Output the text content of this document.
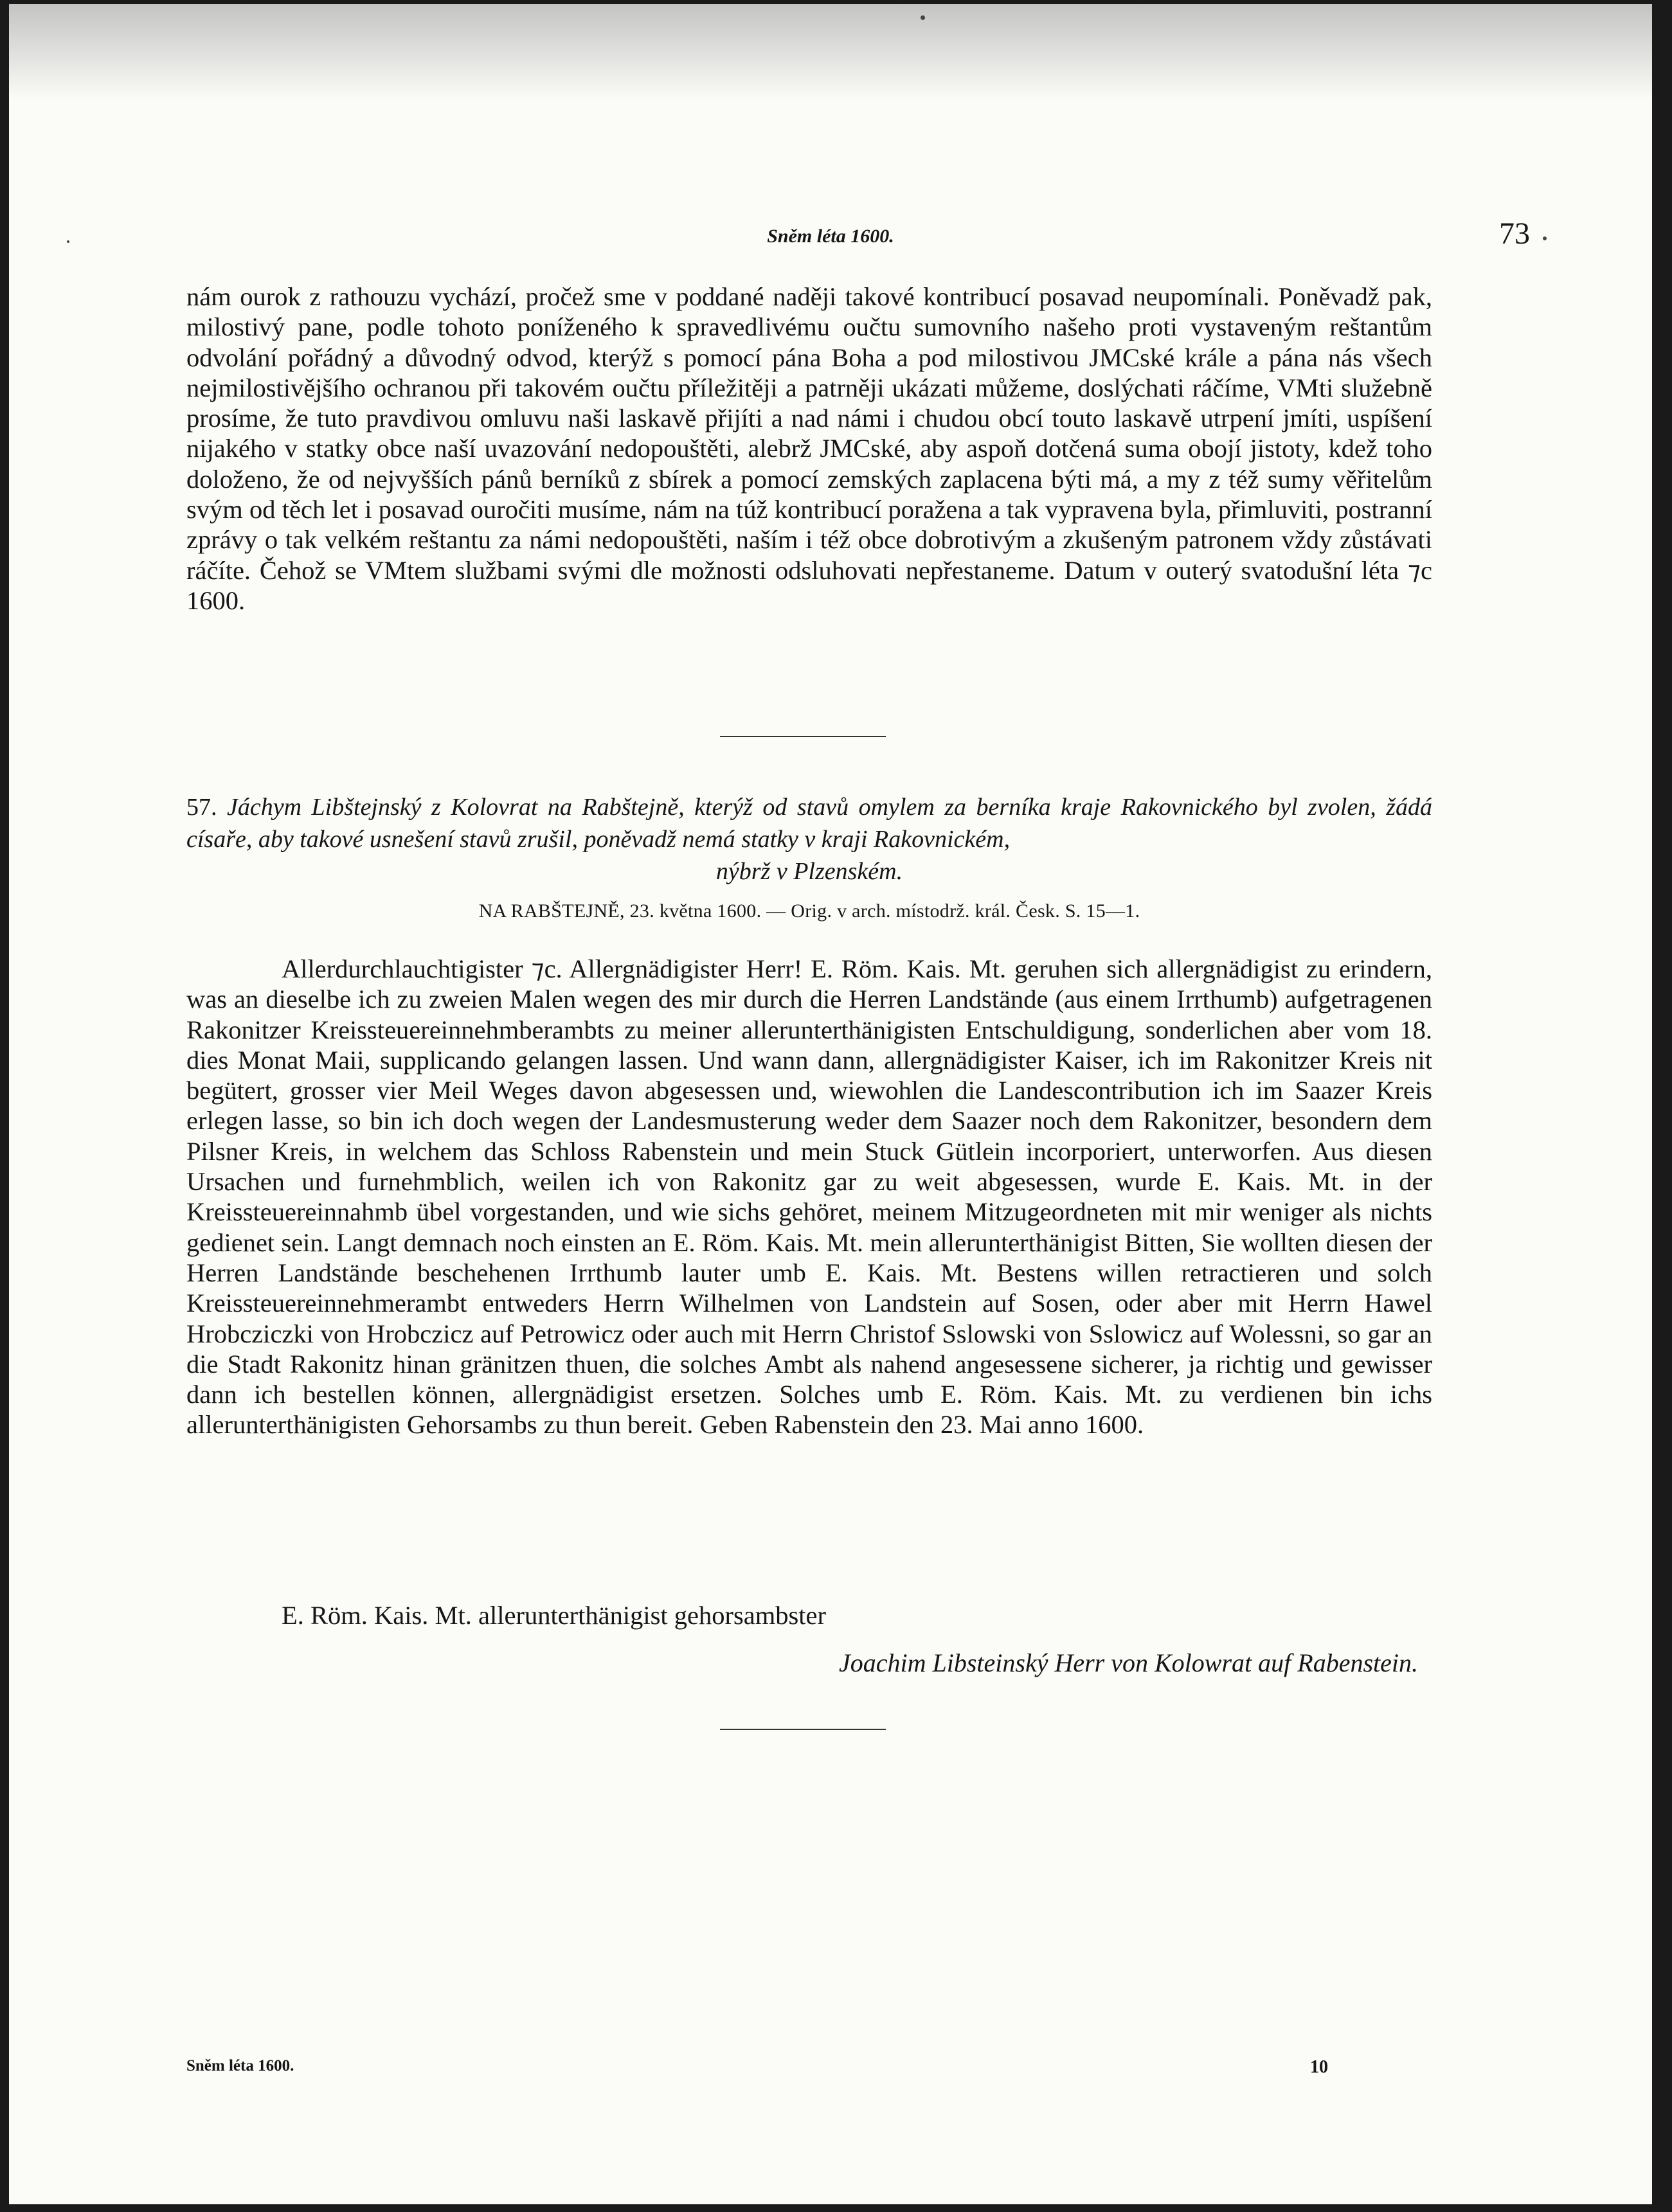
Sněm léta 1600.	73
nám ourok z rathouzu vychází, pročež sme v poddané naději takové kontribucí posavad neupomínali. Poněvadž pak, milostivý pane, podle tohoto poníženého k spravedlivému oučtu sumovního našeho proti vystaveným reštantům odvolání pořádný a důvodný odvod, kterýž s pomocí pána Boha a pod milostivou JMCské krále a pána nás všech nejmilostivějšího ochranou při takovém oučtu příležitěji a patrněji ukázati můžeme, doslýchati ráčíme, VMti služebně prosíme, že tuto pravdivou omluvu naši laskavě přijíti a nad námi i chudou obcí touto laskavě utrpení jmíti, uspíšení nijakého v statky obce naší uvazování nedopouštěti, alebrž JMCské, aby aspoň dotčená suma obojí jistoty, kdež toho doloženo, že od nejvyšších pánů berníků z sbírek a pomocí zemských zaplacena býti má, a my z též sumy věřitelům svým od těch let i posavad ouročiti musíme, nám na túž kontribucí poražena a tak vypravena byla, přimluviti, postranní zprávy o tak velkém reštantu za námi nedopouštěti, naším i též obce dobrotivým a zkušeným patronem vždy zůstávati ráčíte. Čehož se VMtem službami svými dle možnosti odsluhovati nepřestaneme. Datum v outerý svatodušní léta ⁊c 1600.
57. Jáchym Libštejnský z Kolovrat na Rabštejně, kterýž od stavů omylem za berníka kraje Rakovnického byl zvolen, žádá císaře, aby takové usnešení stavů zrušil, poněvadž nemá statky v kraji Rakovnickém,
nýbrž v Plzenském.
NA RABŠTEJNĚ, 23. května 1600. — Orig. v arch. místodrž. král. Česk. S. 15—1.
Allerdurchlauchtigister ⁊c. Allergnädigister Herr! E. Röm. Kais. Mt. geruhen sich allergnädigist zu erindern, was an dieselbe ich zu zweien Malen wegen des mir durch die Herren Landstände (aus einem Irrthumb) aufgetragenen Rakonitzer Kreissteuereinnehmberambts zu meiner allerunterthänigisten Entschuldigung, sonderlichen aber vom 18. dies Monat Maii, supplicando gelangen lassen. Und wann dann, allergnädigister Kaiser, ich im Rakonitzer Kreis nit begütert, grosser vier Meil Weges davon abgesessen und, wiewohlen die Landescontribution ich im Saazer Kreis erlegen lasse, so bin ich doch wegen der Landesmusterung weder dem Saazer noch dem Rakonitzer, besondern dem Pilsner Kreis, in welchem das Schloss Rabenstein und mein Stuck Gütlein incorporiert, unterworfen. Aus diesen Ursachen und furnehmblich, weilen ich von Rakonitz gar zu weit abgesessen, wurde E. Kais. Mt. in der Kreissteuereinnahmb übel vorgestanden, und wie sichs gehöret, meinem Mitzugeordneten mit mir weniger als nichts gedienet sein. Langt demnach noch einsten an E. Röm. Kais. Mt. mein allerunterthänigist Bitten, Sie wollten diesen der Herren Landstände beschehenen Irrthumb lauter umb E. Kais. Mt. Bestens willen retractieren und solch Kreissteuereinnehmerambt entweders Herrn Wilhelmen von Landstein auf Sosen, oder aber mit Herrn Hawel Hrobcziczki von Hrobczicz auf Petrowicz oder auch mit Herrn Christof Sslowski von Sslowicz auf Wolessni, so gar an die Stadt Rakonitz hinan gränitzen thuen, die solches Ambt als nahend angesessene sicherer, ja richtig und gewisser dann ich bestellen können, allergnädigist ersetzen. Solches umb E. Röm. Kais. Mt. zu verdienen bin ichs allerunterthänigisten Gehorsambs zu thun bereit. Geben Rabenstein den 23. Mai anno 1600.
E. Röm. Kais. Mt. allerunterthänigist gehorsambster
Joachim Libsteinský Herr von Kolowrat auf Rabenstein.
Sněm léta 1600.	10
